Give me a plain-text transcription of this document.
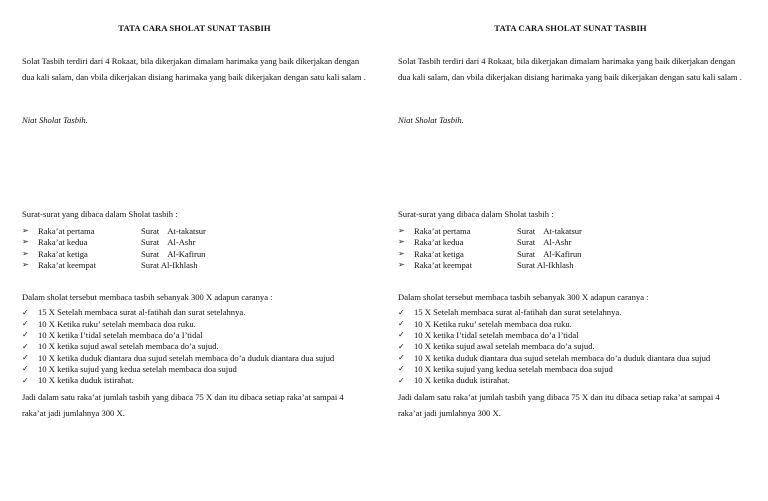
TATA CARA SHOLAT SUNAT TASBIH
Solat Tasbih terdiri dari 4 Rokaat, bila dikerjakan dimalam harimaka yang baik dikerjakan dengan dua kali salam, dan vbila dikerjakan disiang harimaka yang baik dikerjakan dengan satu kali salam .
Niat Sholat Tasbih.
Surat-surat yang dibaca dalam Sholat tasbih :
➢	Raka’at pertama	Surat    At-takatsur
➢	Raka’at kedua	Surat    Al-Ashr
➢	Raka’at ketiga	Surat    Al-Kafirun
➢	Raka’at keempat	Surat Al-Ikhlash
Dalam sholat tersebut membaca tasbih sebanyak 300 X adapun caranya :
✓	15 X Setelah membaca surat al-fatihah dan surat setelahnya.
✓	10 X Ketika ruku’ setelah membaca doa ruku.
✓	10 X ketika I’tidal setelah membaca do’a I’tidal
✓	10 X ketika sujud awal setelah membaca do’a sujud.
✓	10 X ketika duduk diantara dua sujud setelah membaca do’a duduk diantara dua sujud
✓	10 X ketika sujud yang kedua setelah membaca doa sujud
✓	10 X ketika duduk istirahat.
Jadi dalam satu raka’at jumlah tasbih yang dibaca 75 X dan itu dibaca setiap raka’at sampai 4 raka’at jadi jumlahnya 300 X.
TATA CARA SHOLAT SUNAT TASBIH
Solat Tasbih terdiri dari 4 Rokaat, bila dikerjakan dimalam harimaka yang baik dikerjakan dengan dua kali salam, dan vbila dikerjakan disiang harimaka yang baik dikerjakan dengan satu kali salam .
Niat Sholat Tasbih.
Surat-surat yang dibaca dalam Sholat tasbih :
➢	Raka’at pertama	Surat    At-takatsur
➢	Raka’at kedua	Surat    Al-Ashr
➢	Raka’at ketiga	Surat    Al-Kafirun
➢	Raka’at keempat	Surat Al-Ikhlash
Dalam sholat tersebut membaca tasbih sebanyak 300 X adapun caranya :
✓	15 X Setelah membaca surat al-fatihah dan surat setelahnya.
✓	10 X Ketika ruku’ setelah membaca doa ruku.
✓	10 X ketika I’tidal setelah membaca do’a I’tidal
✓	10 X ketika sujud awal setelah membaca do’a sujud.
✓	10 X ketika duduk diantara dua sujud setelah membaca do’a duduk diantara dua sujud
✓	10 X ketika sujud yang kedua setelah membaca doa sujud
✓	10 X ketika duduk istirahat.
Jadi dalam satu raka’at jumlah tasbih yang dibaca 75 X dan itu dibaca setiap raka’at sampai 4 raka’at jadi jumlahnya 300 X.
